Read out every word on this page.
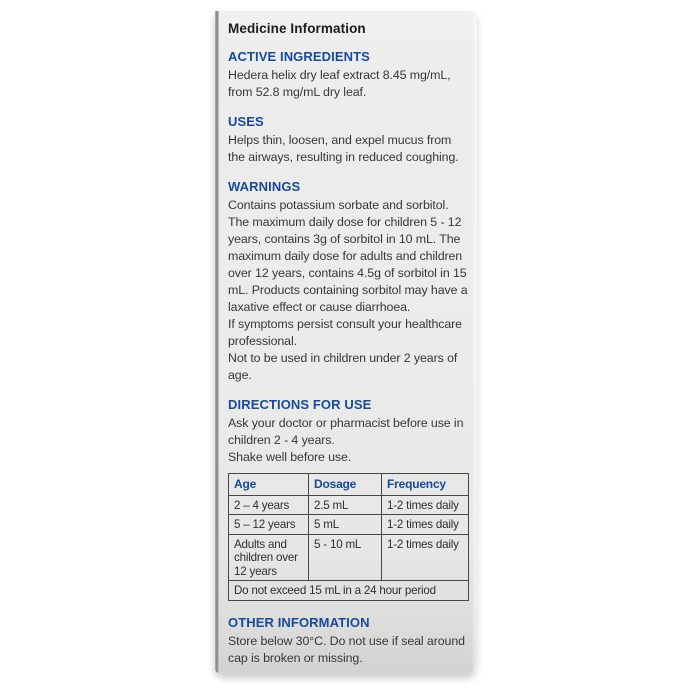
Medicine Information
ACTIVE INGREDIENTS

Hedera helix dry leaf extract 8.45 mg/mL, from 52.8 mg/mL dry leaf.

USES

Helps thin, loosen, and expel mucus from the airways, resulting in reduced coughing.

WARNINGS

Contains potassium sorbate and sorbitol. The maximum daily dose for children 5 - 12 years, contains 3g of sorbitol in 10 mL. The maximum daily dose for adults and children over 12 years, contains 4.5g of sorbitol in 15 mL. Products containing sorbitol may have a laxative effect or cause diarrhoea.

If symptoms persist consult your healthcare professional.

Not to be used in children under 2 years of age.

DIRECTIONS FOR USE

Ask your doctor or pharmacist before use in children 2 - 4 years.

Shake well before use.

Age	Dosage	Frequency
2 – 4 years	2.5 mL	1-2 times daily
5 – 12 years	5 mL	1-2 times daily
Adults and children over 12 years	5 - 10 mL	1-2 times daily
Do not exceed 15 mL in a 24 hour period		
OTHER INFORMATION

Store below 30°C. Do not use if seal around cap is broken or missing.
